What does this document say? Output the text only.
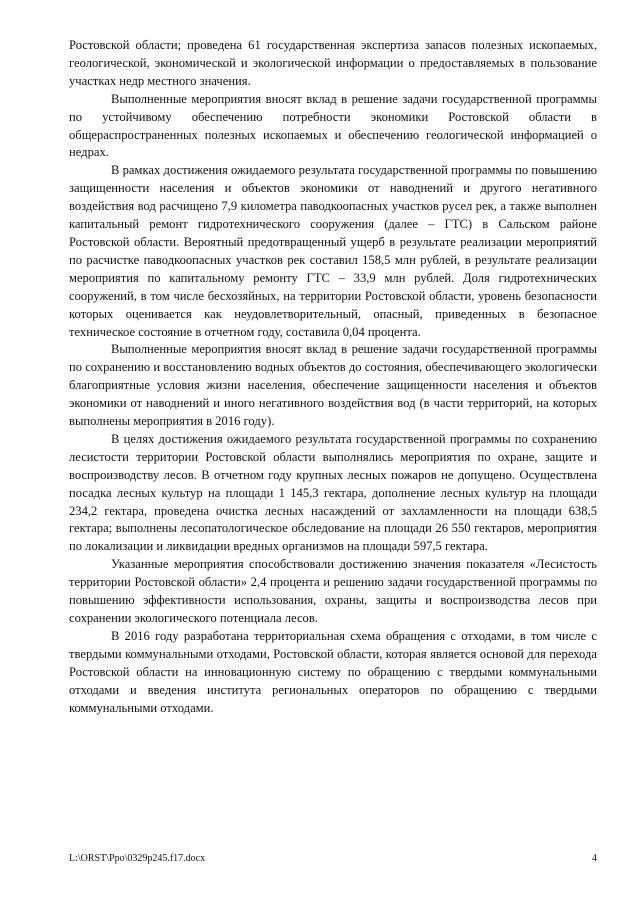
Ростовской области; проведена 61 государственная экспертиза запасов полезных ископаемых, геологической, экономической и экологической информации о предоставляемых в пользование участках недр местного значения.

Выполненные мероприятия вносят вклад в решение задачи государственной программы по устойчивому обеспечению потребности экономики Ростовской области в общераспространенных полезных ископаемых и обеспечению геологической информацией о недрах.

В рамках достижения ожидаемого результата государственной программы по повышению защищенности населения и объектов экономики от наводнений и другого негативного воздействия вод расчищено 7,9 километра паводкоопасных участков русел рек, а также выполнен капитальный ремонт гидротехнического сооружения (далее – ГТС) в Сальском районе Ростовской области. Вероятный предотвращенный ущерб в результате реализации мероприятий по расчистке паводкоопасных участков рек составил 158,5 млн рублей, в результате реализации мероприятия по капитальному ремонту ГТС – 33,9 млн рублей. Доля гидротехнических сооружений, в том числе бесхозяйных, на территории Ростовской области, уровень безопасности которых оценивается как неудовлетворительный, опасный, приведенных в безопасное техническое состояние в отчетном году, составила 0,04 процента.

Выполненные мероприятия вносят вклад в решение задачи государственной программы по сохранению и восстановлению водных объектов до состояния, обеспечивающего экологически благоприятные условия жизни населения, обеспечение защищенности населения и объектов экономики от наводнений и иного негативного воздействия вод (в части территорий, на которых выполнены мероприятия в 2016 году).

В целях достижения ожидаемого результата государственной программы по сохранению лесистости территории Ростовской области выполнялись мероприятия по охране, защите и воспроизводству лесов. В отчетном году крупных лесных пожаров не допущено. Осуществлена посадка лесных культур на площади 1 145,3 гектара, дополнение лесных культур на площади 234,2 гектара, проведена очистка лесных насаждений от захламленности на площади 638,5 гектара; выполнены лесопатологическое обследование на площади 26 550 гектаров, мероприятия по локализации и ликвидации вредных организмов на площади 597,5 гектара.

Указанные мероприятия способствовали достижению значения показателя «Лесистость территории Ростовской области» 2,4 процента и решению задачи государственной программы по повышению эффективности использования, охраны, защиты и воспроизводства лесов при сохранении экологического потенциала лесов.

В 2016 году разработана территориальная схема обращения с отходами, в том числе с твердыми коммунальными отходами, Ростовской области, которая является основой для перехода Ростовской области на инновационную систему по обращению с твердыми коммунальными отходами и введения института региональных операторов по обращению с твердыми коммунальными отходами.

L:\ORST\Ppo\0329p245.f17.docx	4
